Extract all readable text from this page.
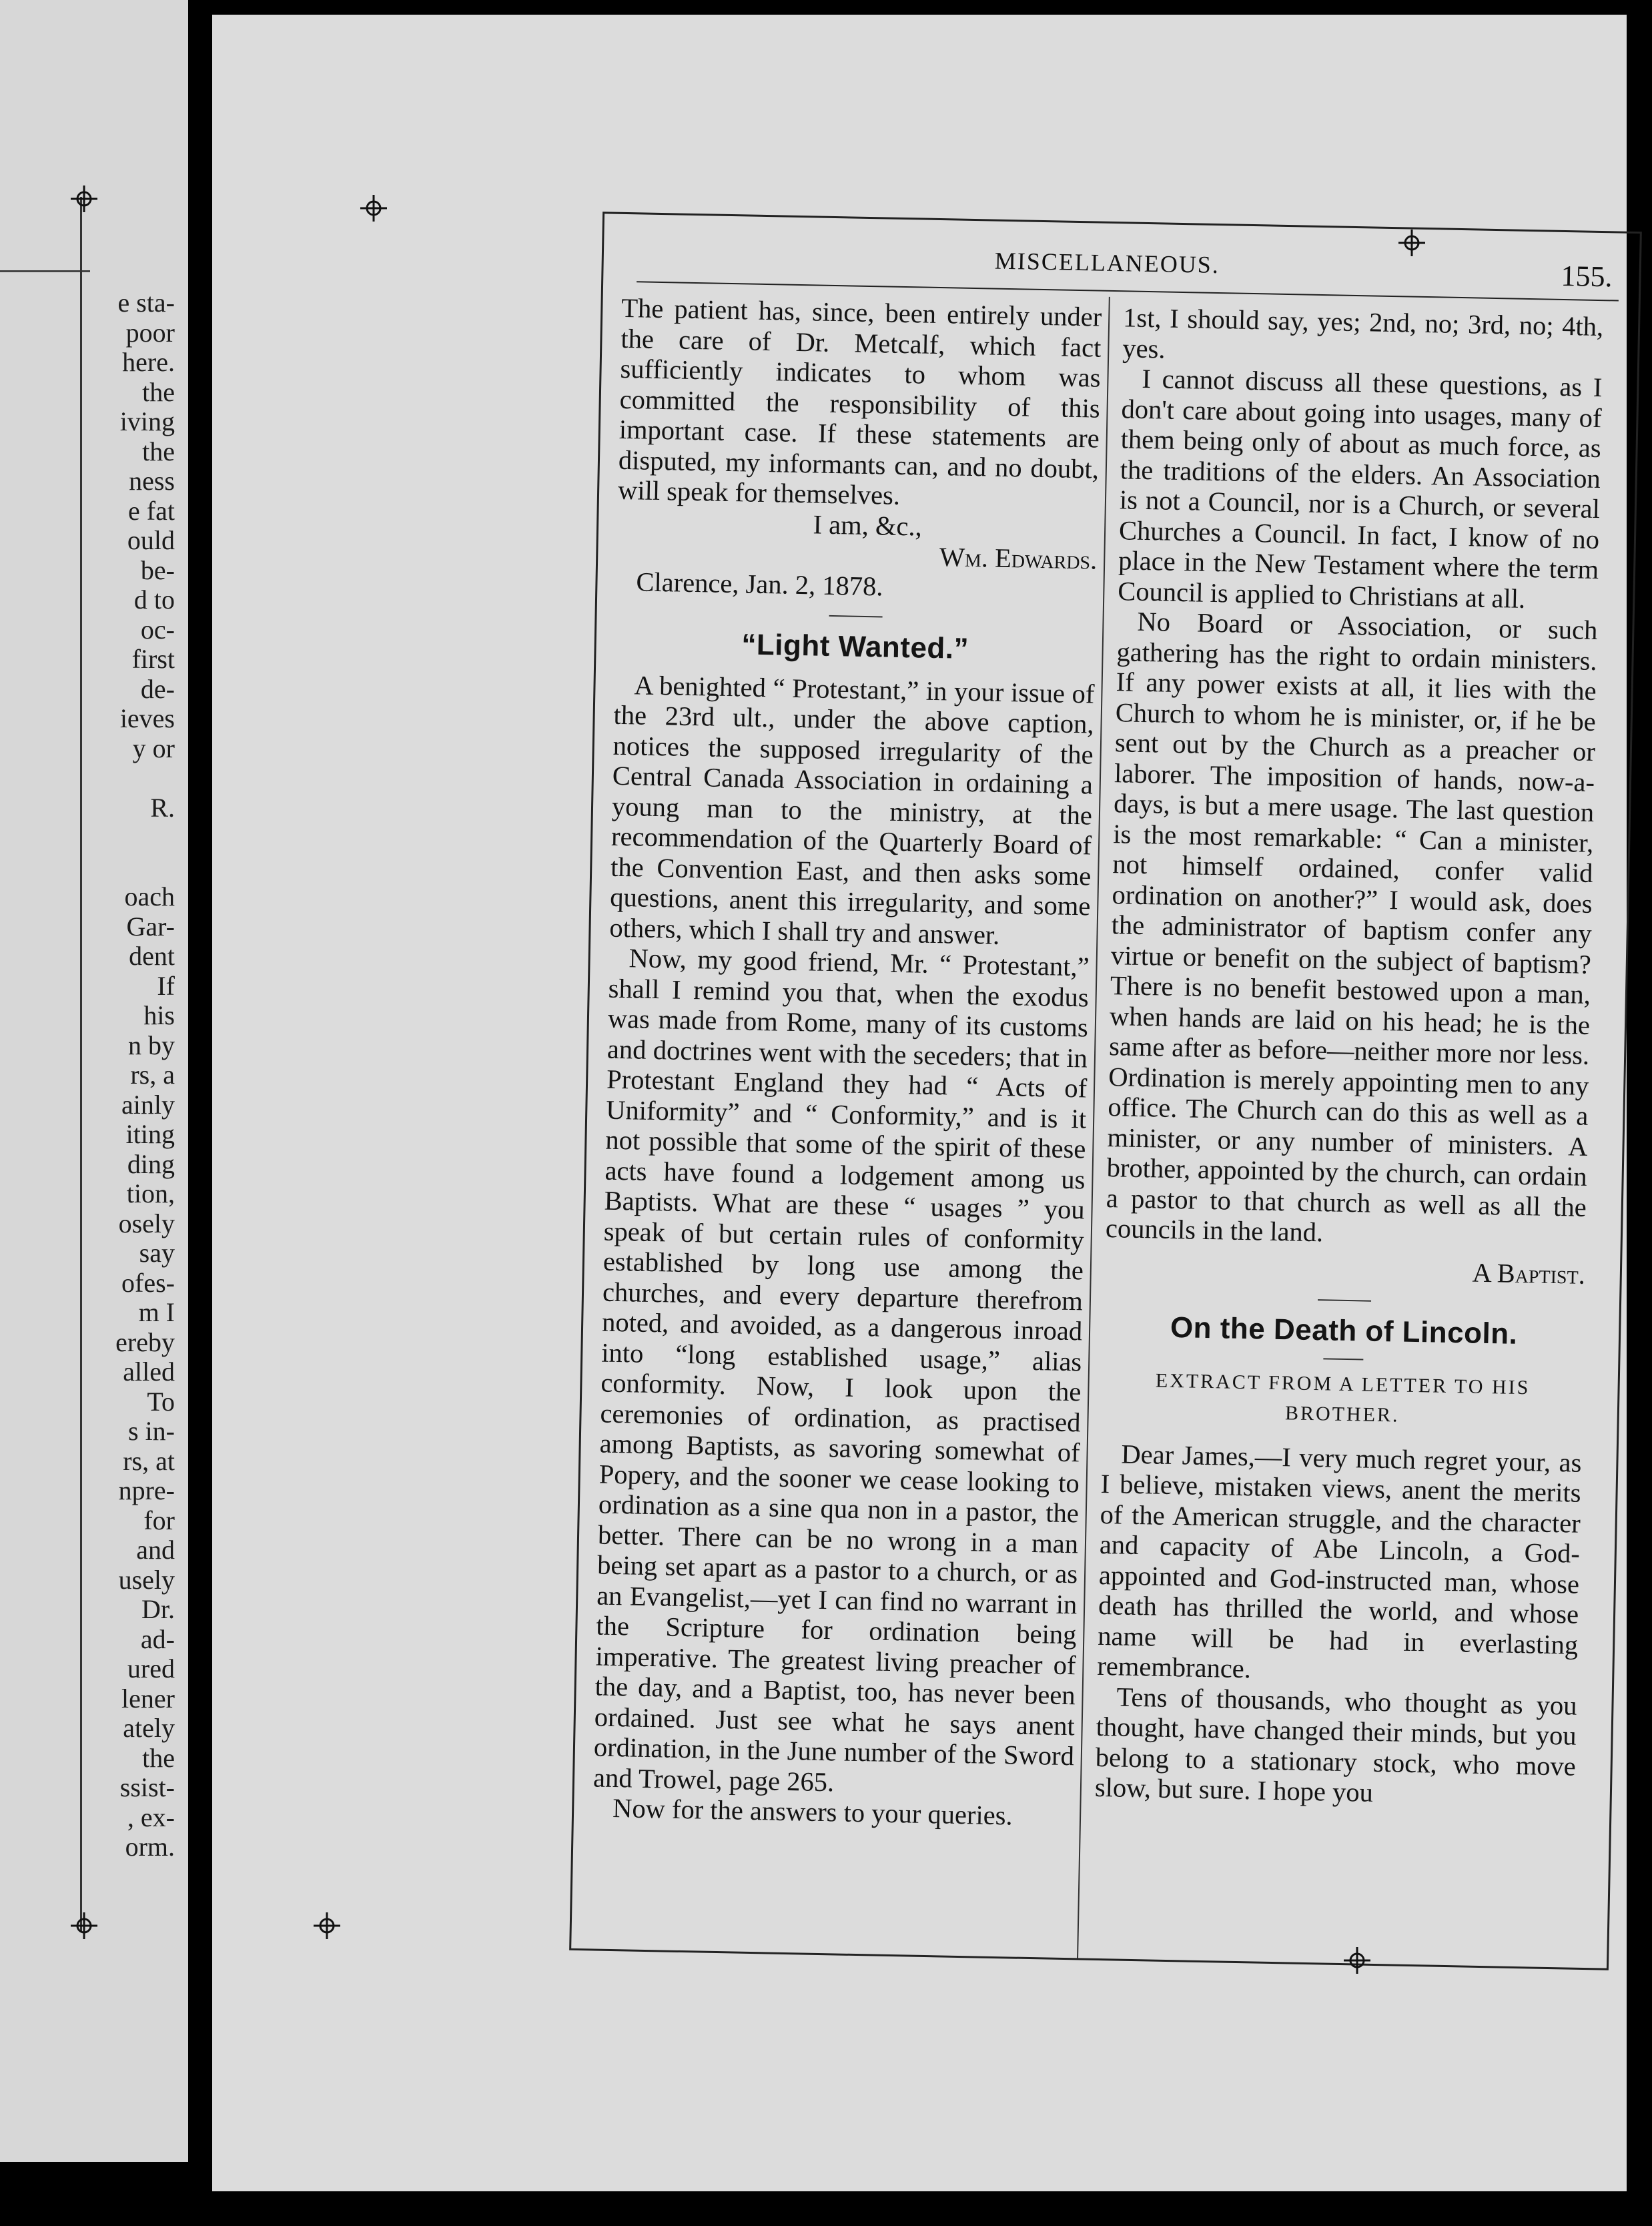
e sta-
poor
here.
the
iving
the
ness
e fat
ould
be-
d to
oc-
first
de-
ieves
y or
R.
oach
Gar-
dent
If
his
n by
rs, a
ainly
iting
ding
tion,
osely
say
ofes-
m I
ereby
alled
To
s in-
rs, at
npre-
for
and
usely
Dr.
ad-
ured
lener
ately
the
ssist-
, ex-
orm.
MISCELLANEOUS.	155.

The patient has, since, been entirely under the care of Dr. Metcalf, which fact sufficiently indicates to whom was committed the responsibility of this important case. If these statements are disputed, my informants can, and no doubt, will speak for themselves.

I am, &c.,

Wm. Edwards.

Clarence, Jan. 2, 1878.

“Light Wanted.”

A benighted “ Protestant,” in your issue of the 23rd ult., under the above caption, notices the supposed irregularity of the Central Canada Association in ordaining a young man to the ministry, at the recommendation of the Quarterly Board of the Convention East, and then asks some questions, anent this irregularity, and some others, which I shall try and answer.

Now, my good friend, Mr. “ Protestant,” shall I remind you that, when the exodus was made from Rome, many of its customs and doctrines went with the seceders; that in Protestant England they had “ Acts of Uniformity” and “ Conformity,” and is it not possible that some of the spirit of these acts have found a lodgement among us Baptists. What are these “ usages ” you speak of but certain rules of conformity established by long use among the churches, and every departure therefrom noted, and avoided, as a dangerous inroad into “long established usage,” alias conformity. Now, I look upon the ceremonies of ordination, as practised among Baptists, as savoring somewhat of Popery, and the sooner we cease looking to ordination as a sine qua non in a pastor, the better. There can be no wrong in a man being set apart as a pastor to a church, or as an Evangelist,—yet I can find no warrant in the Scripture for ordination being imperative. The greatest living preacher of the day, and a Baptist, too, has never been ordained. Just see what he says anent ordination, in the June number of the Sword and Trowel, page 265.

Now for the answers to your queries.

1st, I should say, yes; 2nd, no; 3rd, no; 4th, yes.

I cannot discuss all these questions, as I don't care about going into usages, many of them being only of about as much force, as the traditions of the elders. An Association is not a Council, nor is a Church, or several Churches a Council. In fact, I know of no place in the New Testament where the term Council is applied to Christians at all.

No Board or Association, or such gathering has the right to ordain ministers. If any power exists at all, it lies with the Church to whom he is minister, or, if he be sent out by the Church as a preacher or laborer. The imposition of hands, now-a-days, is but a mere usage. The last question is the most remarkable: “ Can a minister, not himself ordained, confer valid ordination on another?” I would ask, does the administrator of baptism confer any virtue or benefit on the subject of baptism? There is no benefit bestowed upon a man, when hands are laid on his head; he is the same after as before—neither more nor less. Ordination is merely appointing men to any office. The Church can do this as well as a minister, or any number of ministers. A brother, appointed by the church, can ordain a pastor to that church as well as all the councils in the land.

A Baptist.

On the Death of Lincoln.
EXTRACT FROM A LETTER TO HIS BROTHER.

Dear James,—I very much regret your, as I believe, mistaken views, anent the merits of the American struggle, and the character and capacity of Abe Lincoln, a God-appointed and God-instructed man, whose death has thrilled the world, and whose name will be had in everlasting remembrance.

Tens of thousands, who thought as you thought, have changed their minds, but you belong to a stationary stock, who move slow, but sure. I hope you
